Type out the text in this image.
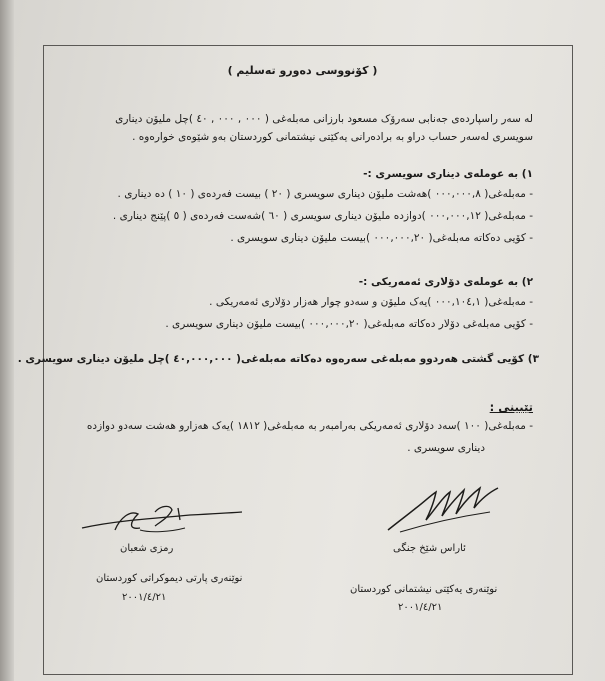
( كۆنووسی دەورو تەسلیم )
لە سەر راسپاردەی جەنابی سەرۆک مسعود بارزانی مەبلەغی ( ٠٠٠ , ٠٠٠ , ٤٠ )چل ملیۆن دیناری
سویسری لەسەر حساب دراو بە برادەرانی یەکێتی نیشتمانی کوردستان بەو شێوەی خوارەوە .
١) بە عوملەی دیناری سویسری :-
- مەبلەغی( ٠٠٠,٠٠٠,٨ )هەشت ملیۆن دیناری سویسری ( ٢٠ ) بیست فەردەی ( ١٠ ) دە دیناری .
- مەبلەغی( ٠٠٠,٠٠٠,١٢ )دوازدە ملیۆن دیناری سویسری ( ٦٠ )شەست فەردەی ( ٥ )پێنج دیناری .
- کۆیی دەکاتە مەبلەغی( ٠٠٠,٠٠٠,٢٠ )بیست ملیۆن دیناری سویسری .
٢) بە عوملەی دۆلاری ئەمەریکی :-
- مەبلەغی( ٠٠٠,١٠٤,١ )یەک ملیۆن و سەدو چوار هەزار دۆلاری ئەمەریکی .
- کۆیی مەبلەغی دۆلار دەکاتە مەبلەغی( ٠٠٠,٠٠٠,٢٠ )بیست ملیۆن دیناری سویسری .
٣) کۆیی گشتی هەردوو مەبلەغی سەرەوە دەکاتە مەبلەغی( ٤٠,٠٠٠,٠٠٠ )چل ملیۆن دیناری سویسری .
تێبینی :
- مەبلەغی( ١٠٠ )سەد دۆلاری ئەمەریکی بەرامبەر بە مەبلەغی( ١٨١٢ )یەک هەزارو هەشت سەدو دوازدە
دیناری سویسری .
رمزی شعبان
نوێنەری پارتی دیموکراتی کوردستان
٢٠٠١/٤/٢١
ئاراس شێخ جنگی
نوێنەری یەکێتی نیشتمانی کوردستان
٢٠٠١/٤/٢١
